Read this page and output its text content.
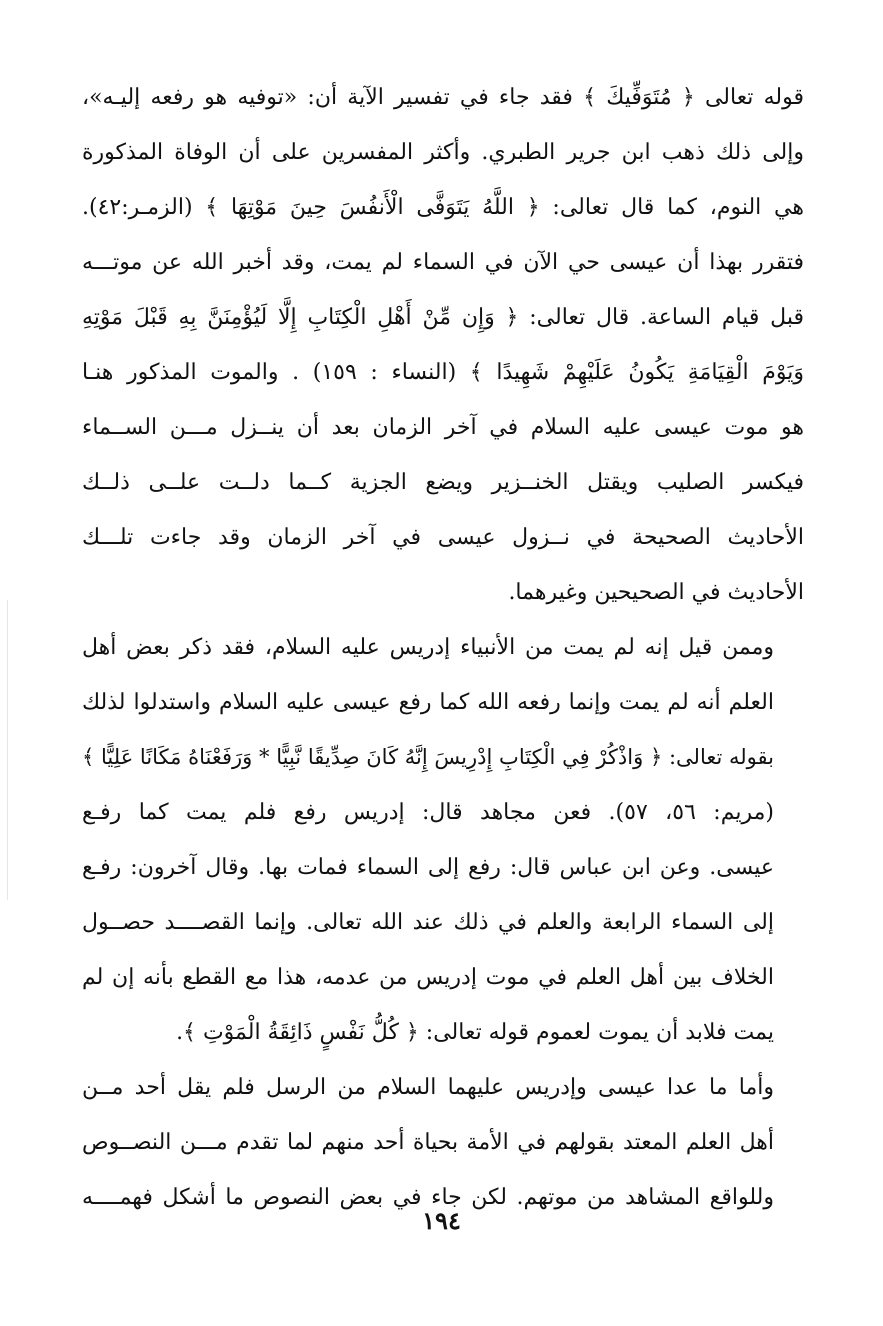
قوله تعالى ﴿ مُتَوَفِّيكَ ﴾ فقد جاء في تفسير الآية أن: «توفيه هو رفعه إليـه»،
وإلى ذلك ذهب ابن جرير الطبري. وأكثر المفسرين على أن الوفاة المذكورة
هي النوم، كما قال تعالى: ﴿ اللَّهُ يَتَوَفَّى الْأَنفُسَ حِينَ مَوْتِهَا ﴾ (الزمـر:٤٢).
فتقرر بهذا أن عيسى حي الآن في السماء لم يمت، وقد أخبر الله عن موتـــه
قبل قيام الساعة. قال تعالى: ﴿ وَإِن مِّنْ أَهْلِ الْكِتَابِ إِلَّا لَيُؤْمِنَنَّ بِهِ قَبْلَ مَوْتِهِ
وَيَوْمَ الْقِيَامَةِ يَكُونُ عَلَيْهِمْ شَهِيدًا ﴾ (النساء : ١٥٩) . والموت المذكور هنـا
هو موت عيسى عليه السلام في آخر الزمان بعد أن ينــزل مـــن الســماء
فيكسر الصليب ويقتل الخنــزير ويضع الجزية كــما دلــت علــى ذلــك
الأحاديث الصحيحة في نــزول عيسى في آخر الزمان وقد جاءت تلـــك
الأحاديث في الصحيحين وغيرهما.

وممن قيل إنه لم يمت من الأنبياء إدريس عليه السلام، فقد ذكر بعض أهل
العلم أنه لم يمت وإنما رفعه الله كما رفع عيسى عليه السلام واستدلوا لذلك
بقوله تعالى: ﴿ وَاذْكُرْ فِي الْكِتَابِ إِدْرِيسَ إِنَّهُ كَانَ صِدِّيقًا نَّبِيًّا * وَرَفَعْنَاهُ مَكَانًا عَلِيًّا ﴾
(مريم: ٥٦، ٥٧). فعن مجاهد قال: إدريس رفع فلم يمت كما رفـع
عيسى. وعن ابن عباس قال: رفع إلى السماء فمات بها. وقال آخرون: رفـع
إلى السماء الرابعة والعلم في ذلك عند الله تعالى. وإنما القصــــد حصــول
الخلاف بين أهل العلم في موت إدريس من عدمه، هذا مع القطع بأنه إن لم
يمت فلابد أن يموت لعموم قوله تعالى: ﴿ كُلُّ نَفْسٍ ذَائِقَةُ الْمَوْتِ ﴾.

وأما ما عدا عيسى وإدريس عليهما السلام من الرسل فلم يقل أحد مــن
أهل العلم المعتد بقولهم في الأمة بحياة أحد منهم لما تقدم مـــن النصــوص
وللواقع المشاهد من موتهم. لكن جاء في بعض النصوص ما أشكل فهمــــه

١٩٤
